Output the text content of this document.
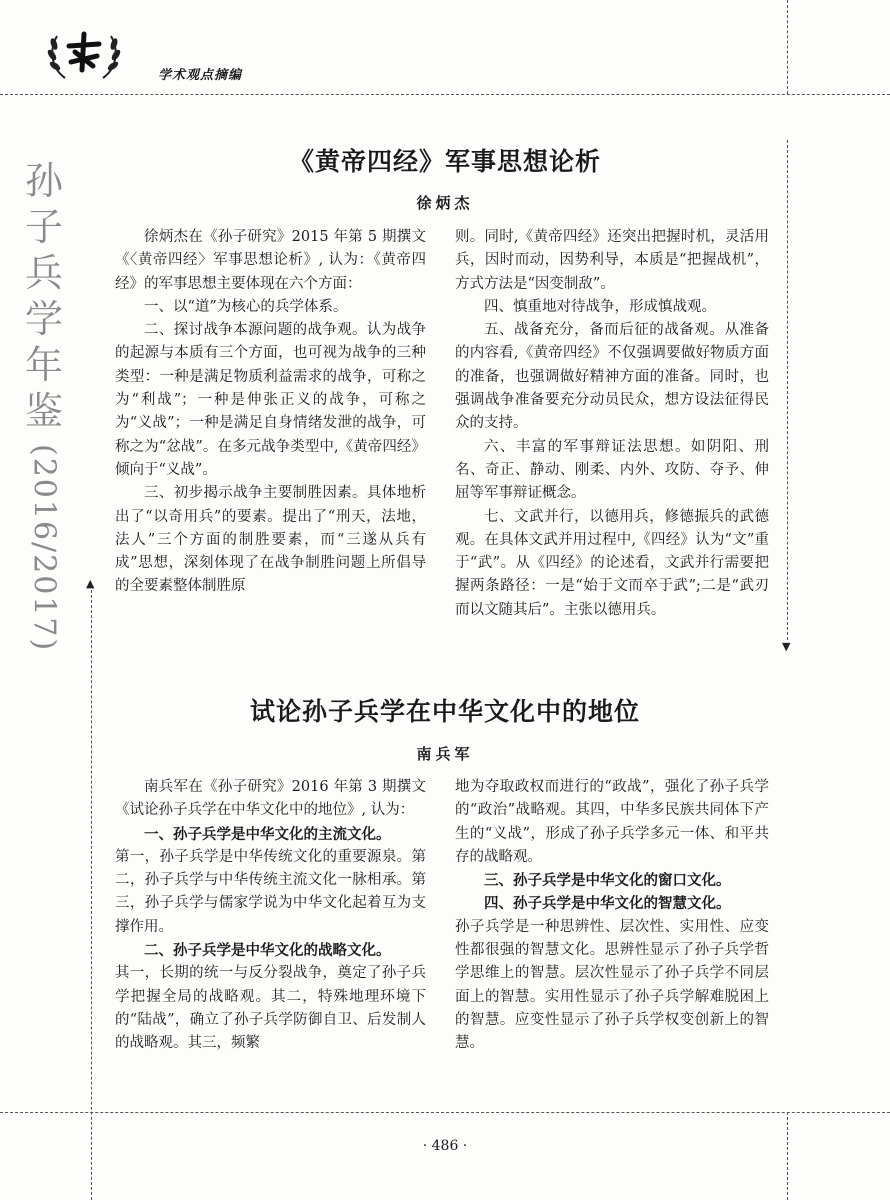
▲
▼
学术观点摘编
孙
子
兵
学
年
鉴
(2016/2017)
《黄帝四经》军事思想论析
徐炳杰

徐炳杰在《孙子研究》2015 年第 5 期撰文《〈黄帝四经〉军事思想论析》, 认为：《黄帝四经》的军事思想主要体现在六个方面：

一、以“道”为核心的兵学体系。

二、探讨战争本源问题的战争观。认为战争的起源与本质有三个方面，也可视为战争的三种类型：一种是满足物质利益需求的战争，可称之为“利战”；一种是伸张正义的战争，可称之为“义战”；一种是满足自身情绪发泄的战争，可称之为“忿战”。在多元战争类型中,《黄帝四经》倾向于“义战”。

三、初步揭示战争主要制胜因素。具体地析出了“以奇用兵”的要素。提出了“刑天，法地，法人”三个方面的制胜要素，而“三遂从兵有成”思想，深刻体现了在战争制胜问题上所倡导的全要素整体制胜原

则。同时,《黄帝四经》还突出把握时机，灵活用兵，因时而动，因势利导，本质是“把握战机”，方式方法是“因变制敌”。

四、慎重地对待战争，形成慎战观。

五、战备充分，备而后征的战备观。从准备的内容看,《黄帝四经》不仅强调要做好物质方面的准备，也强调做好精神方面的准备。同时，也强调战争准备要充分动员民众，想方设法征得民众的支持。

六、丰富的军事辩证法思想。如阴阳、刑名、奇正、静动、刚柔、内外、攻防、夺予、伸屈等军事辩证概念。

七、文武并行，以德用兵，修德振兵的武德观。在具体文武并用过程中,《四经》认为“文”重于“武”。从《四经》的论述看，文武并行需要把握两条路径：一是“始于文而卒于武”;二是“武刃而以文随其后”。主张以德用兵。

试论孙子兵学在中华文化中的地位
南兵军

南兵军在《孙子研究》2016 年第 3 期撰文《试论孙子兵学在中华文化中的地位》, 认为：

一、孙子兵学是中华文化的主流文化。

第一，孙子兵学是中华传统文化的重要源泉。第二，孙子兵学与中华传统主流文化一脉相承。第三，孙子兵学与儒家学说为中华文化起着互为支撑作用。

二、孙子兵学是中华文化的战略文化。

其一，长期的统一与反分裂战争，奠定了孙子兵学把握全局的战略观。其二，特殊地理环境下的“陆战”，确立了孙子兵学防御自卫、后发制人的战略观。其三，频繁

地为夺取政权而进行的“政战”，强化了孙子兵学的“政治”战略观。其四，中华多民族共同体下产生的“义战”，形成了孙子兵学多元一体、和平共存的战略观。

三、孙子兵学是中华文化的窗口文化。

四、孙子兵学是中华文化的智慧文化。

孙子兵学是一种思辨性、层次性、实用性、应变性都很强的智慧文化。思辨性显示了孙子兵学哲学思维上的智慧。层次性显示了孙子兵学不同层面上的智慧。实用性显示了孙子兵学解难脱困上的智慧。应变性显示了孙子兵学权变创新上的智慧。

· 486 ·
